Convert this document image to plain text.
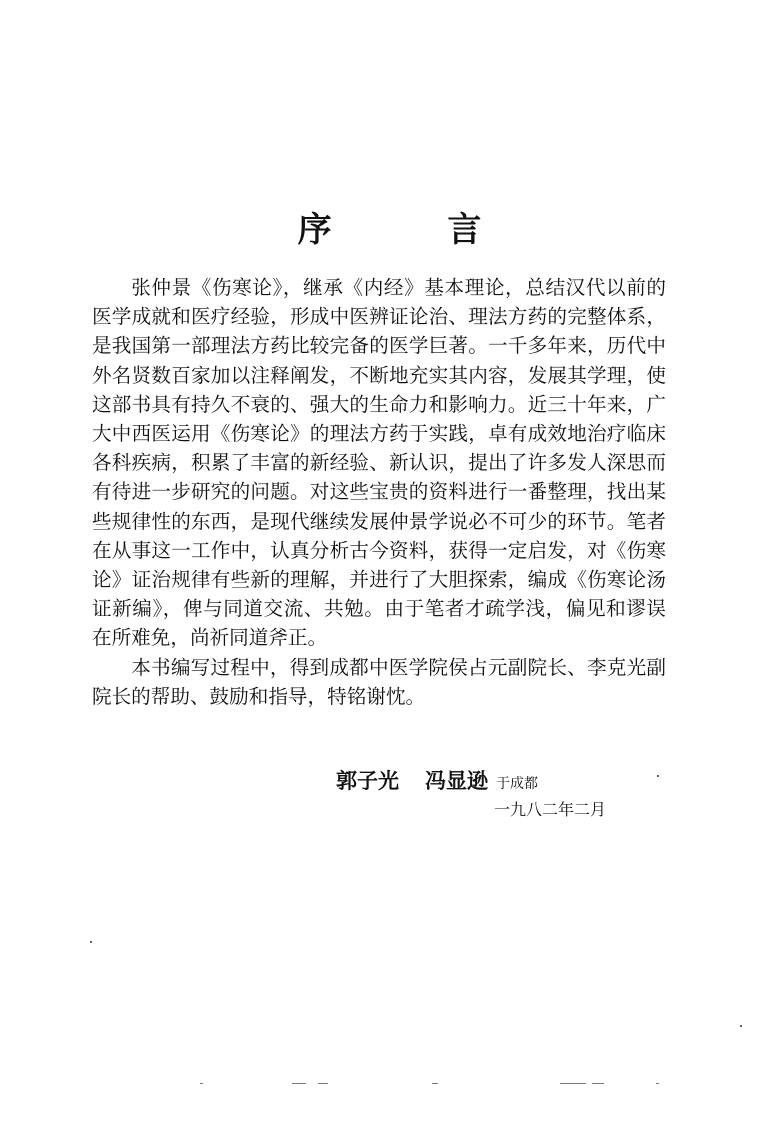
序 言

张仲景《伤寒论》，继承《内经》基本理论，总结汉代以前的医学成就和医疗经验，形成中医辨证论治、理法方药的完整体系，是我国第一部理法方药比较完备的医学巨著。一千多年来，历代中外名贤数百家加以注释阐发，不断地充实其内容，发展其学理，使这部书具有持久不衰的、强大的生命力和影响力。近三十年来，广大中西医运用《伤寒论》的理法方药于实践，卓有成效地治疗临床各科疾病，积累了丰富的新经验、新认识，提出了许多发人深思而有待进一步研究的问题。对这些宝贵的资料进行一番整理，找出某些规律性的东西，是现代继续发展仲景学说必不可少的环节。笔者在从事这一工作中，认真分析古今资料，获得一定启发，对《伤寒论》证治规律有些新的理解，并进行了大胆探索，编成《伤寒论汤证新编》，俾与同道交流、共勉。由于笔者才疏学浅，偏见和谬误在所难免，尚祈同道斧正。

本书编写过程中，得到成都中医学院侯占元副院长、李克光副院长的帮助、鼓励和指导，特铭谢忱。

郭子光 冯显逊 于成都
一九八二年二月
